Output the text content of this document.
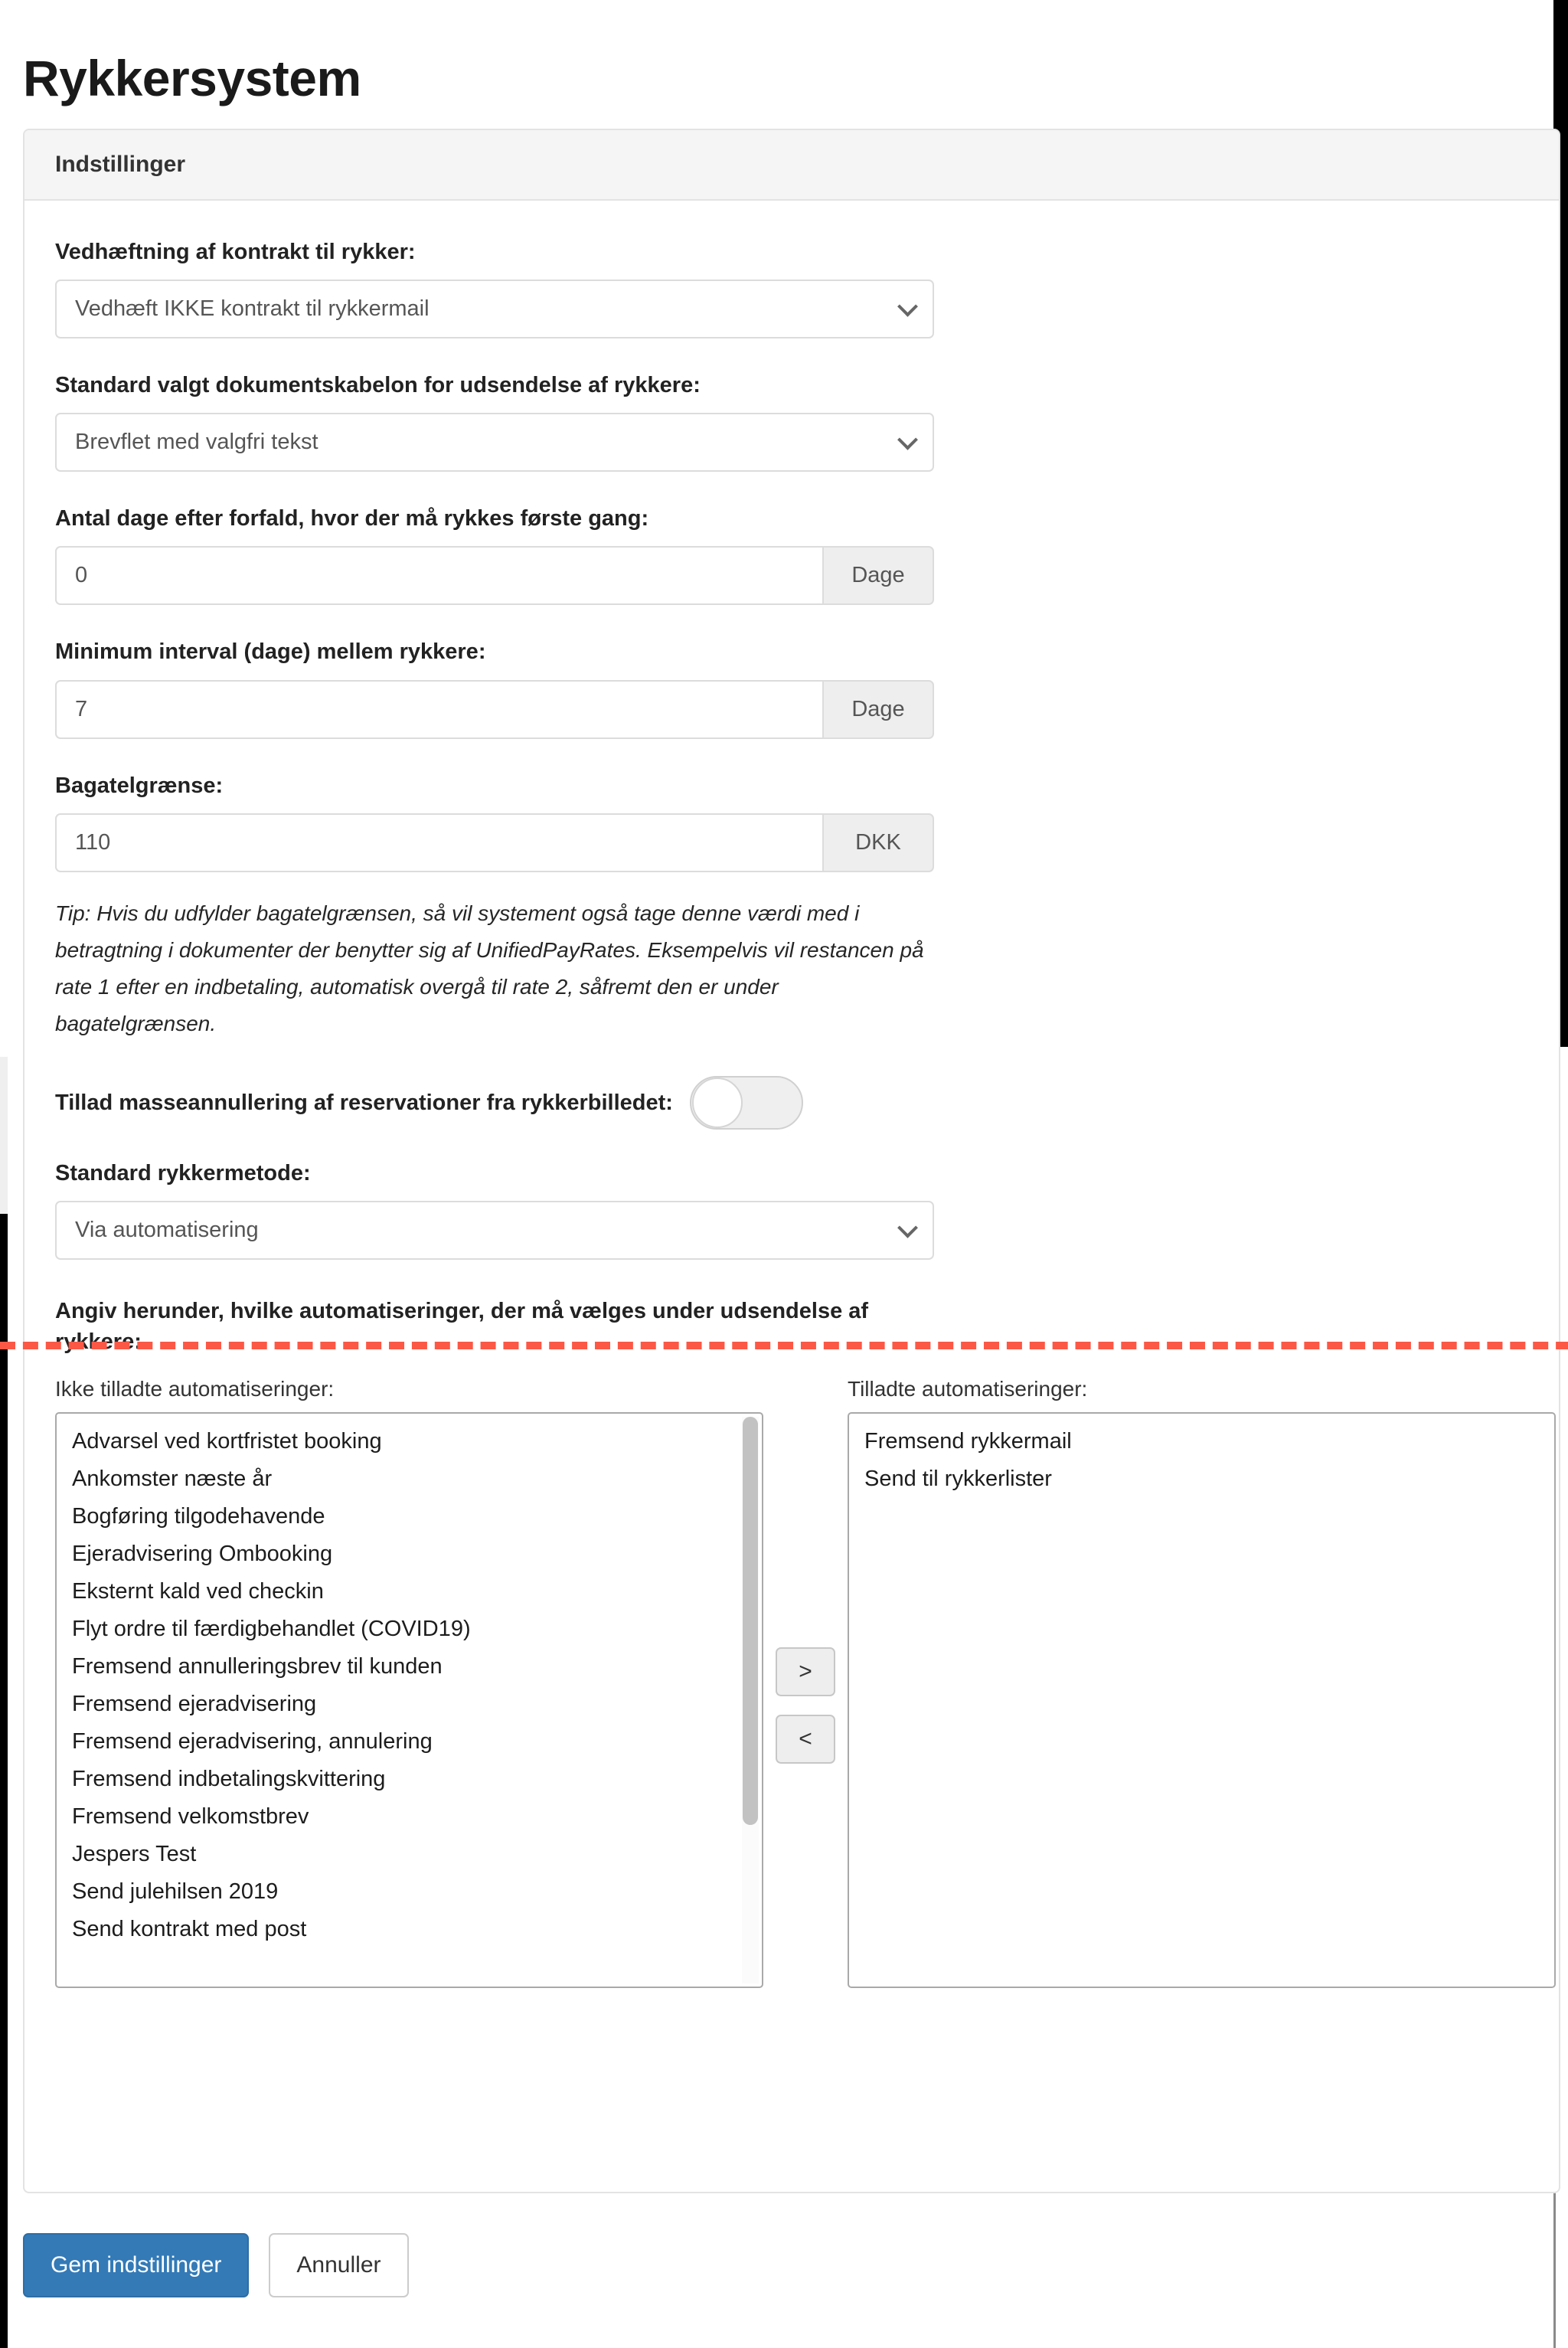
Rykkersystem
Indstillinger
Vedhæftning af kontrakt til rykker:
Vedhæft IKKE kontrakt til rykkermail
Standard valgt dokumentskabelon for udsendelse af rykkere:
Brevflet med valgfri tekst
Antal dage efter forfald, hvor der må rykkes første gang:
0	Dage
Minimum interval (dage) mellem rykkere:
7	Dage
Bagatelgrænse:
110	DKK
Tip: Hvis du udfylder bagatelgrænsen, så vil systement også tage denne værdi med i betragtning i dokumenter der benytter sig af UnifiedPayRates. Eksempelvis vil restancen på rate 1 efter en indbetaling, automatisk overgå til rate 2, såfremt den er under bagatelgrænsen.
Tillad masseannullering af reservationer fra rykkerbilledet:
Standard rykkermetode:
Via automatisering
Angiv herunder, hvilke automatiseringer, der må vælges under udsendelse af rykkere:
Ikke tilladte automatiseringer:
Advarsel ved kortfristet booking
Ankomster næste år
Bogføring tilgodehavende
Ejeradvisering Ombooking
Eksternt kald ved checkin
Flyt ordre til færdigbehandlet (COVID19)
Fremsend annulleringsbrev til kunden
Fremsend ejeradvisering
Fremsend ejeradvisering, annulering
Fremsend indbetalingskvittering
Fremsend velkomstbrev
Jespers Test
Send julehilsen 2019
Send kontrakt med post
>
<
Tilladte automatiseringer:
Fremsend rykkermail
Send til rykkerlister
Gem indstillinger	Annuller
